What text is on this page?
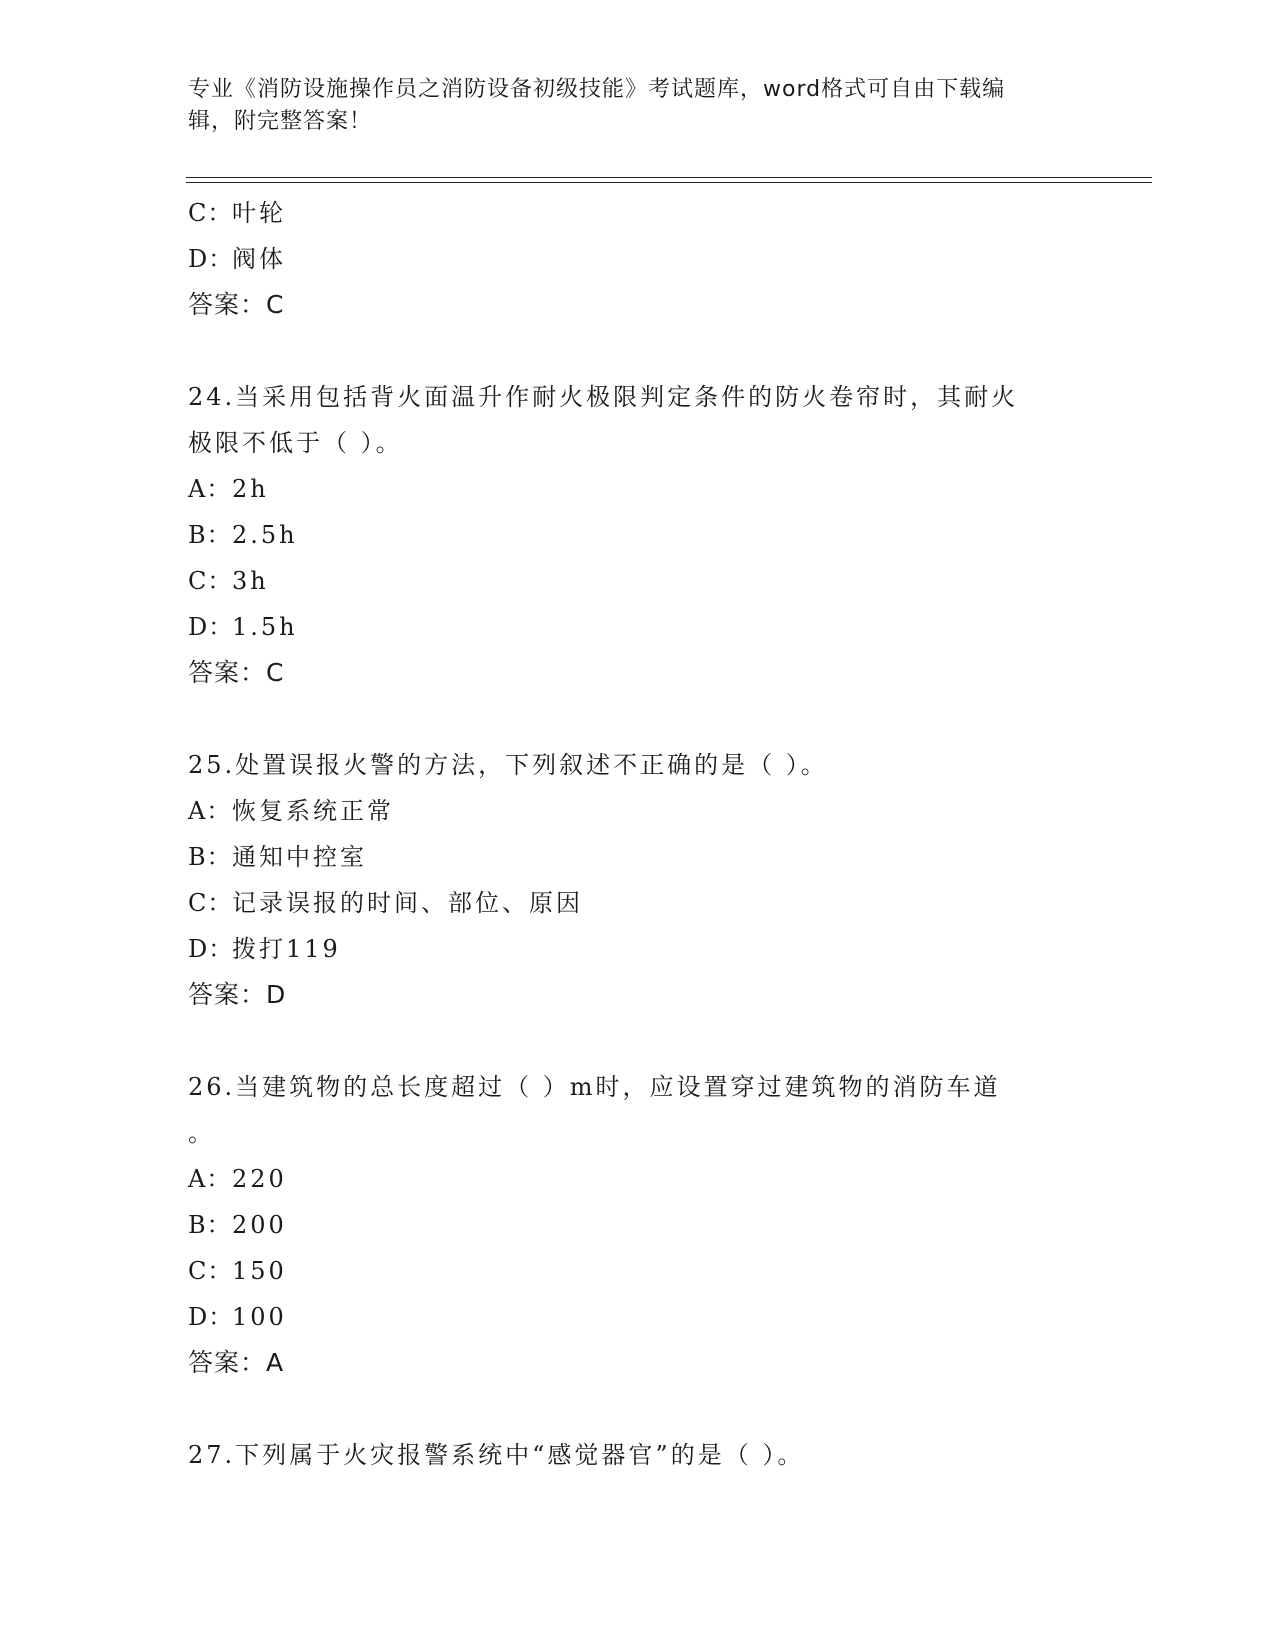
专业《消防设施操作员之消防设备初级技能》考试题库，word格式可自由下载编
辑，附完整答案！
C：叶轮
D：阀体
答案：C
24.当采用包括背火面温升作耐火极限判定条件的防火卷帘时，其耐火
极限不低于（ ）。
A：2h
B：2.5h
C：3h
D：1.5h
答案：C
25.处置误报火警的方法，下列叙述不正确的是（ ）。
A：恢复系统正常
B：通知中控室
C：记录误报的时间、部位、原因
D：拨打119
答案：D
26.当建筑物的总长度超过（ ）m时，应设置穿过建筑物的消防车道
。
A：220
B：200
C：150
D：100
答案：A
27.下列属于火灾报警系统中“感觉器官”的是（ ）。
